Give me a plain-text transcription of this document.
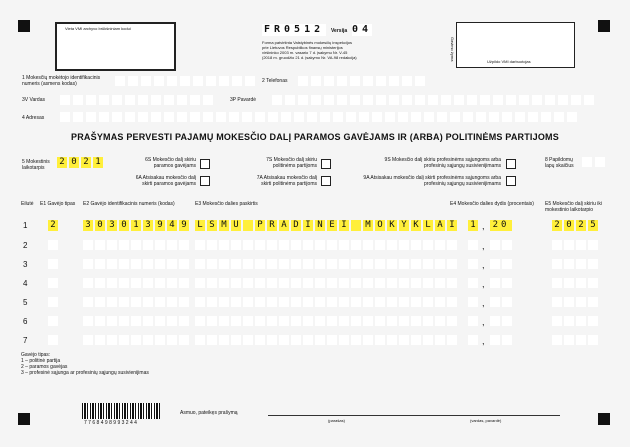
Vieta VMI archyvo brūkšniniam kodui	FR0512	Versija 04
Forma patvirtinta Valstybinės mokesčių inspekcijos
prie Lietuvos Respublikos finansų ministerijos
viršininko 2003 m. vasario 7 d. įsakymu Nr. V-45
(2018 m. gruodžio 21 d. įsakymo Nr. VA-98 redakcija)	Gavimo žyma
Užpildo VMI darbuotojas
1 Mokesčių mokėtojo identifikacinis numeris (asmens kodas)	2 Telefonas
3V Vardas	3P Pavardė
4 Adresas
PRAŠYMAS PERVESTI PAJAMŲ MOKESČIO DALĮ PARAMOS GAVĖJAMS IR (ARBA) POLITINĖMS PARTIJOMS
5 Mokestinis laikotarpis
2 0 2 1	6S Mokesčio dalį skiriu paramos gavėjams
6A Atsisakau mokesčio dalį skirti paramos gavėjams
7S Mokesčio dalį skiriu politinėms partijoms
7A Atsisakau mokesčio dalį skirti politinėms partijoms
9S Mokesčio dalį skiriu profesinėms sąjungoms arba profesinių sąjungų susivienijimams
9A Atsisakau mokesčio dalį skirti profesinėms sąjungoms arba profesinių sąjungų susivienijimams
8 Papildomų lapų skaičius
Eilutė E1 Gavėjo tipas E2 Gavėjo identifikacinis numeris (kodas)	E3 Mokesčio dalies paskirtis	E4 Mokesčio dalies dydis (procentais) E5 Mokesčio dalį skiriu iki mokestinio laikotarpio
1	2	3 0 3 0 1 3 9 4 9 L S M U P R A D I N E I M O K Y K L A I 1 , 20	2 0 2 5
2	,
3	,
4	,
5	,
6	,
7	,
Gavėjo tipas:
1 – politinė partija
2 – paramos gavėjas
3 – profesinė sąjunga ar profesinių sąjungų susivienijimas
7768498993244
Asmuo, pateikęs prašymą
(parašas)	(vardas, pavardė)
